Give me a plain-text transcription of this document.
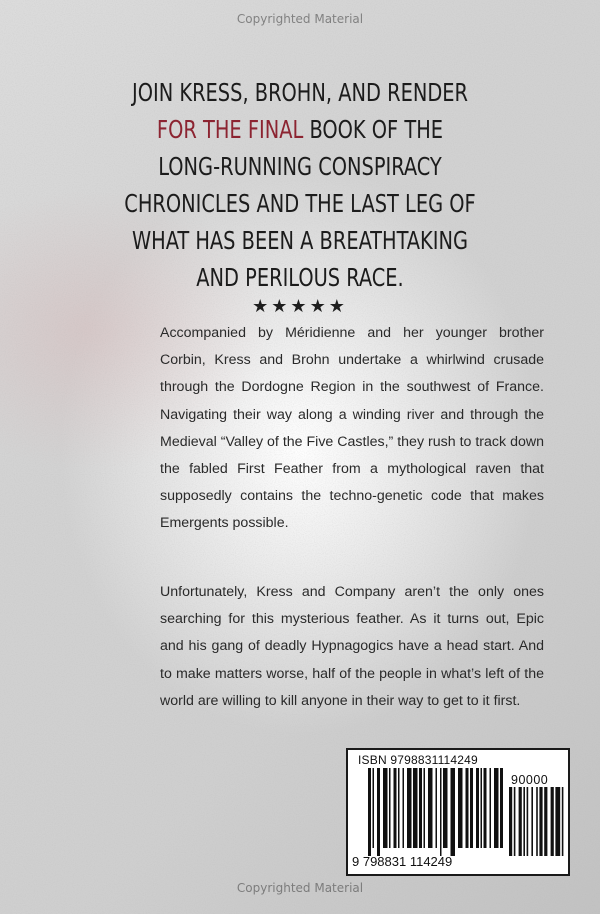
Copyrighted Material
JOIN KRESS, BROHN, AND RENDER
FOR THE FINAL BOOK OF THE
LONG-RUNNING CONSPIRACY
CHRONICLES AND THE LAST LEG OF
WHAT HAS BEEN A BREATHTAKING
AND PERILOUS RACE.
★★★★★

Accompanied by Méridienne and her younger brother Corbin, Kress and Brohn undertake a whirlwind crusade through the Dordogne Region in the southwest of France. Navigating their way along a winding river and through the Medieval “Valley of the Five Castles,” they rush to track down the fabled First Feather from a mythological raven that supposedly contains the techno-genetic code that makes Emergents possible.

Unfortunately, Kress and Company aren’t the only ones searching for this mysterious feather. As it turns out, Epic and his gang of deadly Hypnagogics have a head start. And to make matters worse, half of the people in what’s left of the world are willing to kill anyone in their way to get to it first.

ISBN 9798831114249
90000
9 798831 114249
Copyrighted Material
